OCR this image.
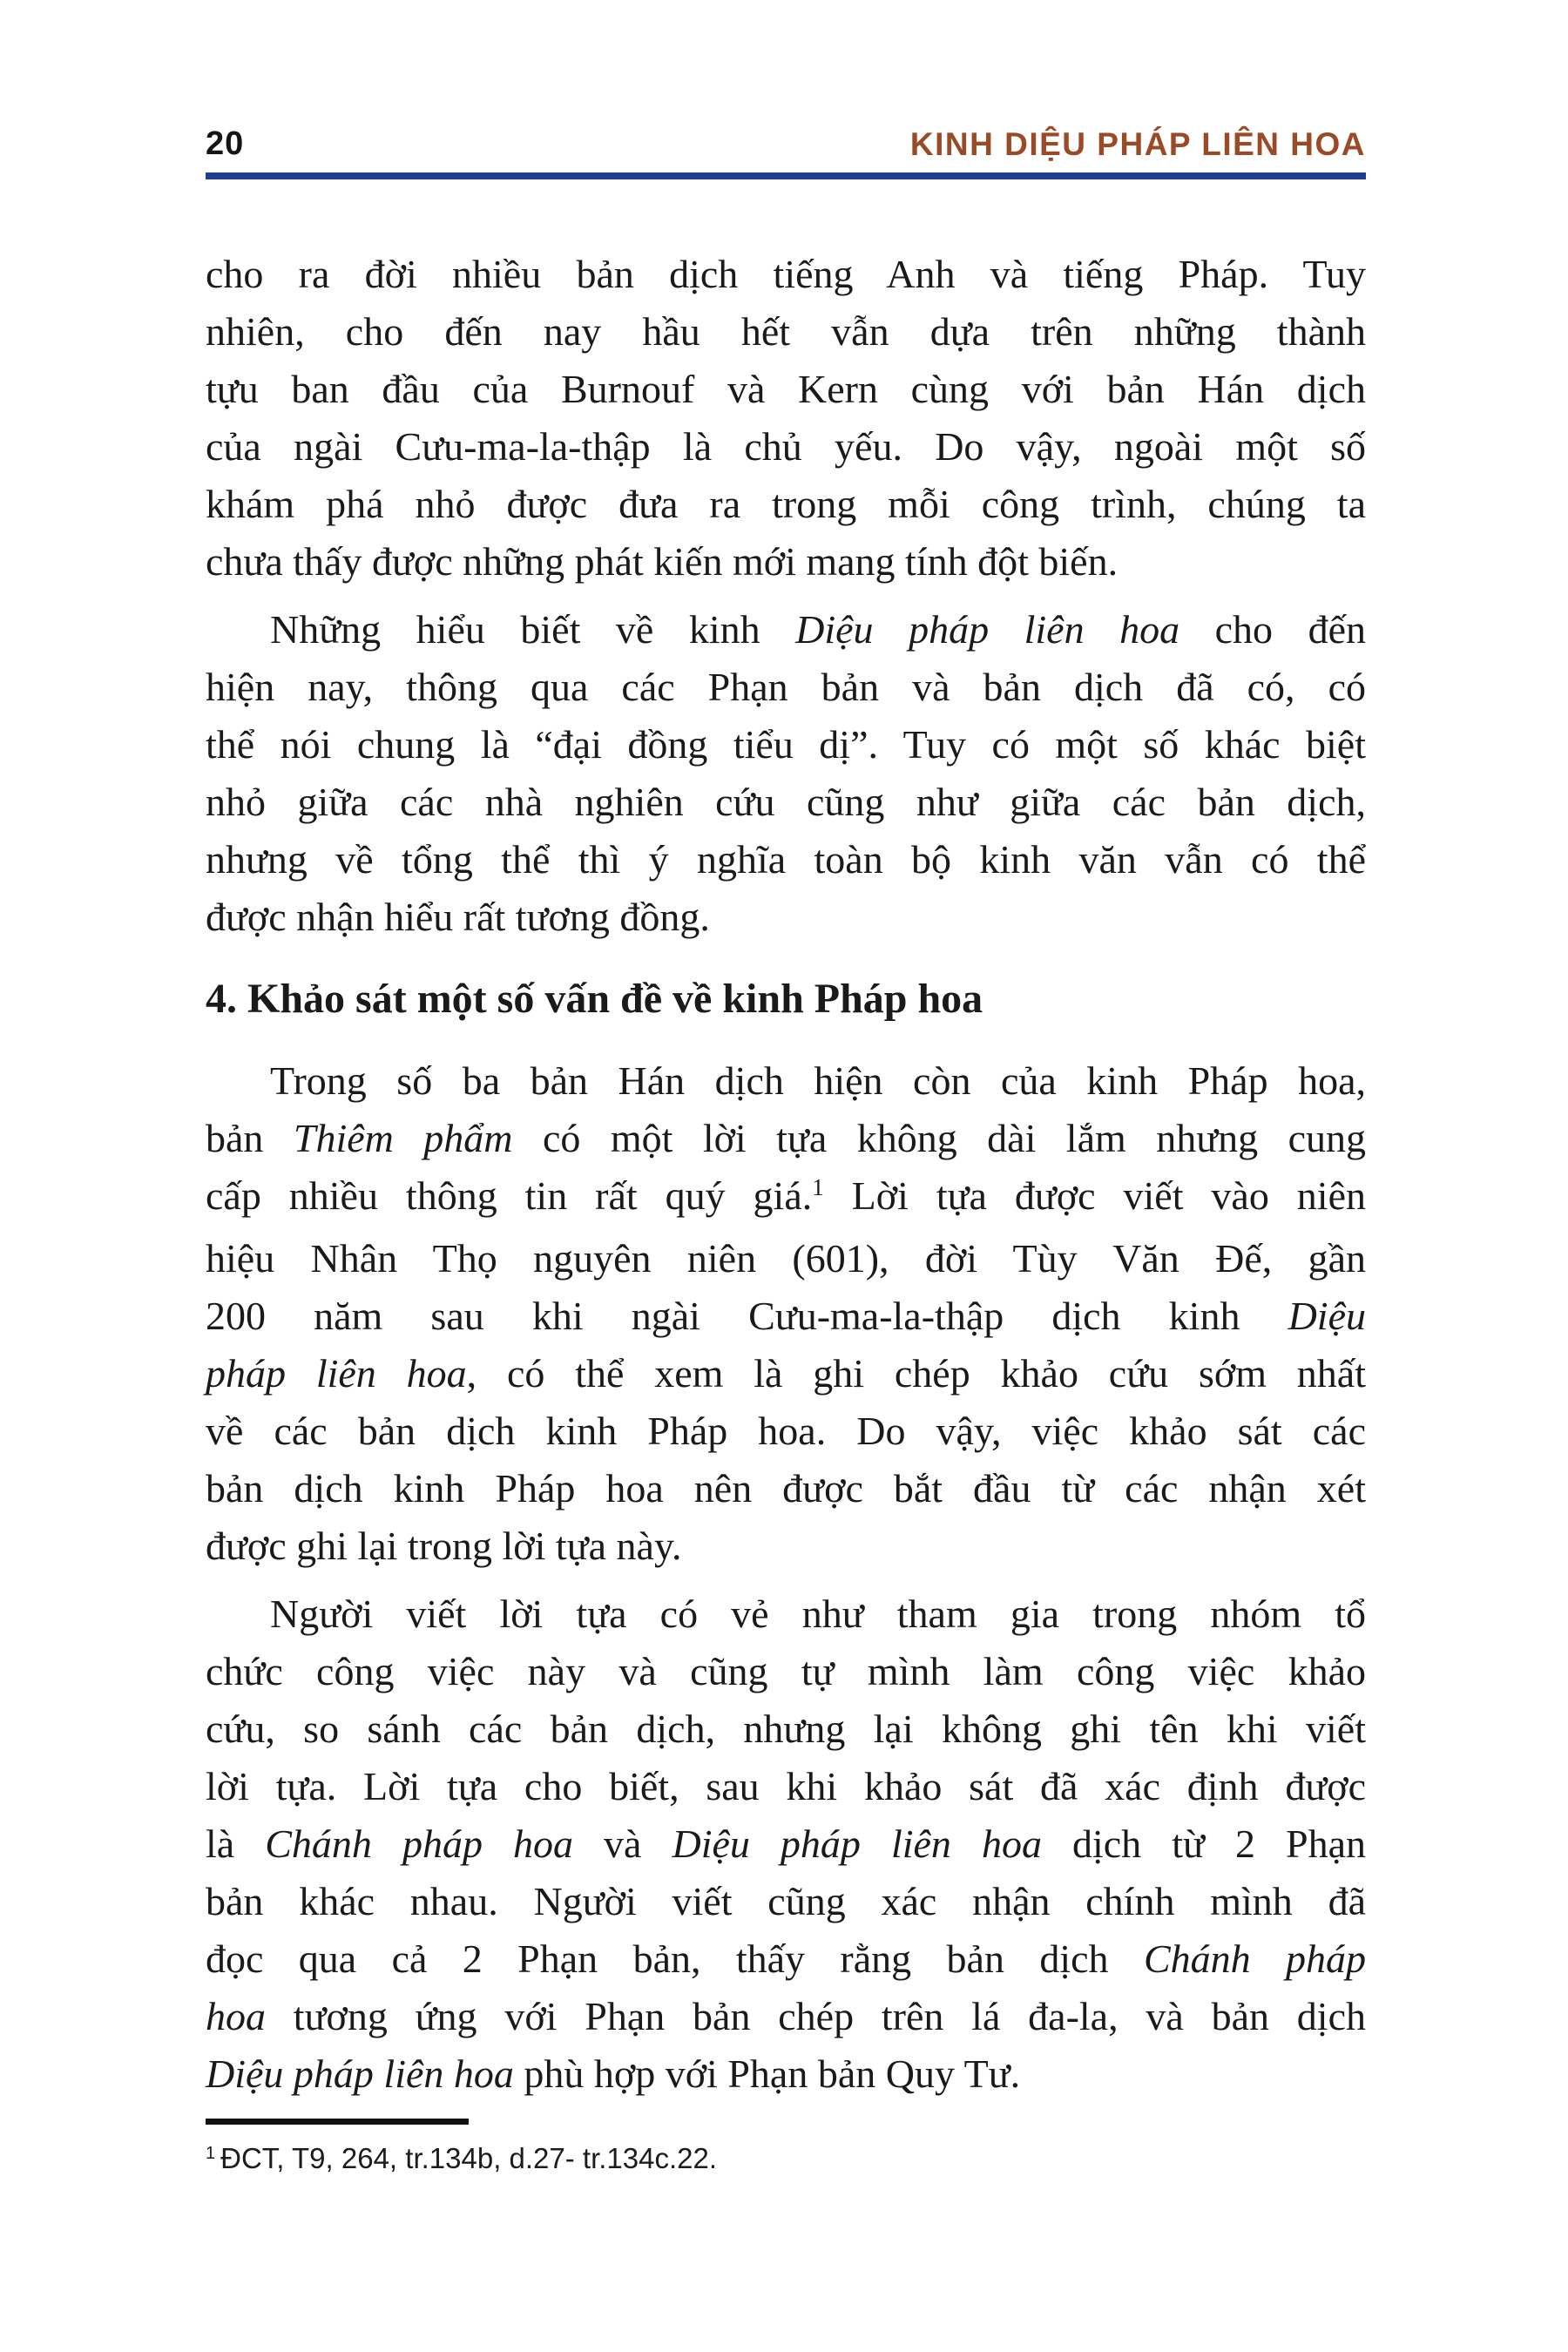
20	KINH DIỆU PHÁP LIÊN HOA
cho ra đời nhiều bản dịch tiếng Anh và tiếng Pháp. Tuy
nhiên, cho đến nay hầu hết vẫn dựa trên những thành
tựu ban đầu của Burnouf và Kern cùng với bản Hán dịch
của ngài Cưu-ma-la-thập là chủ yếu. Do vậy, ngoài một số
khám phá nhỏ được đưa ra trong mỗi công trình, chúng ta
chưa thấy được những phát kiến mới mang tính đột biến.
Những hiểu biết về kinh Diệu pháp liên hoa cho đến
hiện nay, thông qua các Phạn bản và bản dịch đã có, có
thể nói chung là “đại đồng tiểu dị”. Tuy có một số khác biệt
nhỏ giữa các nhà nghiên cứu cũng như giữa các bản dịch,
nhưng về tổng thể thì ý nghĩa toàn bộ kinh văn vẫn có thể
được nhận hiểu rất tương đồng.
4. Khảo sát một số vấn đề về kinh Pháp hoa
Trong số ba bản Hán dịch hiện còn của kinh Pháp hoa,
bản Thiêm phẩm có một lời tựa không dài lắm nhưng cung
cấp nhiều thông tin rất quý giá.$^1$ Lời tựa được viết vào niên
hiệu Nhân Thọ nguyên niên (601), đời Tùy Văn Đế, gần
200 năm sau khi ngài Cưu-ma-la-thập dịch kinh Diệu
pháp liên hoa, có thể xem là ghi chép khảo cứu sớm nhất
về các bản dịch kinh Pháp hoa. Do vậy, việc khảo sát các
bản dịch kinh Pháp hoa nên được bắt đầu từ các nhận xét
được ghi lại trong lời tựa này.
Người viết lời tựa có vẻ như tham gia trong nhóm tổ
chức công việc này và cũng tự mình làm công việc khảo
cứu, so sánh các bản dịch, nhưng lại không ghi tên khi viết
lời tựa. Lời tựa cho biết, sau khi khảo sát đã xác định được
là Chánh pháp hoa và Diệu pháp liên hoa dịch từ 2 Phạn
bản khác nhau. Người viết cũng xác nhận chính mình đã
đọc qua cả 2 Phạn bản, thấy rằng bản dịch Chánh pháp
hoa tương ứng với Phạn bản chép trên lá đa-la, và bản dịch
Diệu pháp liên hoa phù hợp với Phạn bản Quy Tư.
$^1$ ĐCT, T9, 264, tr.134b, d.27- tr.134c.22.
